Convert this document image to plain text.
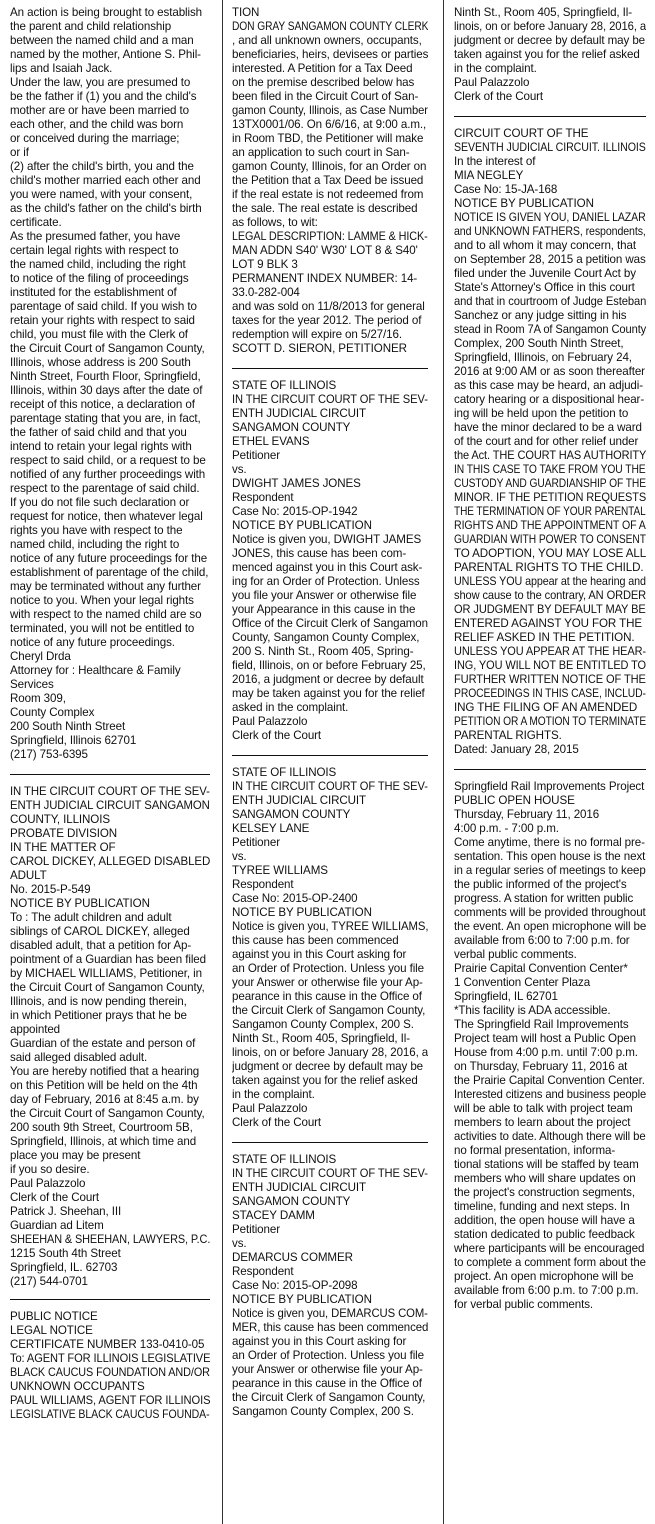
An action is being brought to establish
the parent and child relationship
between the named child and a man
named by the mother, Antione S. Phil-
lips and Isaiah Jack.
Under the law, you are presumed to
be the father if (1) you and the child's
mother are or have been married to
each other, and the child was born
or conceived during the marriage;
or if
(2) after the child's birth, you and the
child's mother married each other and
you were named, with your consent,
as the child's father on the child's birth
certificate.
As the presumed father, you have
certain legal rights with respect to
the named child, including the right
to notice of the filing of proceedings
instituted for the establishment of
parentage of said child. If you wish to
retain your rights with respect to said
child, you must file with the Clerk of
the Circuit Court of Sangamon County,
Illinois, whose address is 200 South
Ninth Street, Fourth Floor, Springfield,
Illinois, within 30 days after the date of
receipt of this notice, a declaration of
parentage stating that you are, in fact,
the father of said child and that you
intend to retain your legal rights with
respect to said child, or a request to be
notified of any further proceedings with
respect to the parentage of said child.
If you do not file such declaration or
request for notice, then whatever legal
rights you have with respect to the
named child, including the right to
notice of any future proceedings for the
establishment of parentage of the child,
may be terminated without any further
notice to you. When your legal rights
with respect to the named child are so
terminated, you will not be entitled to
notice of any future proceedings.
Cheryl Drda
Attorney for : Healthcare & Family
Services
Room 309,
County Complex
200 South Ninth Street
Springfield, Illinois 62701
(217) 753-6395
IN THE CIRCUIT COURT OF THE SEV-
ENTH JUDICIAL CIRCUIT SANGAMON
COUNTY, ILLINOIS
PROBATE DIVISION
IN THE MATTER OF
CAROL DICKEY, ALLEGED DISABLED
ADULT
No. 2015-P-549
NOTICE BY PUBLICATION
To : The adult children and adult
siblings of CAROL DICKEY, alleged
disabled adult, that a petition for Ap-
pointment of a Guardian has been filed
by MICHAEL WILLIAMS, Petitioner, in
the Circuit Court of Sangamon County,
Illinois, and is now pending therein,
in which Petitioner prays that he be
appointed
Guardian of the estate and person of
said alleged disabled adult.
You are hereby notified that a hearing
on this Petition will be held on the 4th
day of February, 2016 at 8:45 a.m. by
the Circuit Court of Sangamon County,
200 south 9th Street, Courtroom 5B,
Springfield, Illinois, at which time and
place you may be present
if you so desire.
Paul Palazzolo
Clerk of the Court
Patrick J. Sheehan, III
Guardian ad Litem
SHEEHAN & SHEEHAN, LAWYERS, P.C.
1215 South 4th Street
Springfield, IL. 62703
(217) 544-0701
PUBLIC NOTICE
LEGAL NOTICE
CERTIFICATE NUMBER 133-0410-05
To: AGENT FOR ILLINOIS LEGISLATIVE
BLACK CAUCUS FOUNDATION AND/OR
UNKNOWN OCCUPANTS
PAUL WILLIAMS, AGENT FOR ILLINOIS
LEGISLATIVE BLACK CAUCUS FOUNDA-
TION
DON GRAY SANGAMON COUNTY CLERK
, and all unknown owners, occupants,
beneficiaries, heirs, devisees or parties
interested. A Petition for a Tax Deed
on the premise described below has
been filed in the Circuit Court of San-
gamon County, Illinois, as Case Number
13TX0001/06. On 6/6/16, at 9:00 a.m.,
in Room TBD, the Petitioner will make
an application to such court in San-
gamon County, Illinois, for an Order on
the Petition that a Tax Deed be issued
if the real estate is not redeemed from
the sale. The real estate is described
as follows, to wit:
LEGAL DESCRIPTION: LAMME & HICK-
MAN ADDN S40' W30' LOT 8 & S40'
LOT 9 BLK 3
PERMANENT INDEX NUMBER: 14-
33.0-282-004
and was sold on 11/8/2013 for general
taxes for the year 2012. The period of
redemption will expire on 5/27/16.
SCOTT D. SIERON, PETITIONER
STATE OF ILLINOIS
IN THE CIRCUIT COURT OF THE SEV-
ENTH JUDICIAL CIRCUIT
SANGAMON COUNTY
ETHEL EVANS
Petitioner
vs.
DWIGHT JAMES JONES
Respondent
Case No: 2015-OP-1942
NOTICE BY PUBLICATION
Notice is given you, DWIGHT JAMES
JONES, this cause has been com-
menced against you in this Court ask-
ing for an Order of Protection. Unless
you file your Answer or otherwise file
your Appearance in this cause in the
Office of the Circuit Clerk of Sangamon
County, Sangamon County Complex,
200 S. Ninth St., Room 405, Spring-
field, Illinois, on or before February 25,
2016, a judgment or decree by default
may be taken against you for the relief
asked in the complaint.
Paul Palazzolo
Clerk of the Court
STATE OF ILLINOIS
IN THE CIRCUIT COURT OF THE SEV-
ENTH JUDICIAL CIRCUIT
SANGAMON COUNTY
KELSEY LANE
Petitioner
vs.
TYREE WILLIAMS
Respondent
Case No: 2015-OP-2400
NOTICE BY PUBLICATION
Notice is given you, TYREE WILLIAMS,
this cause has been commenced
against you in this Court asking for
an Order of Protection. Unless you file
your Answer or otherwise file your Ap-
pearance in this cause in the Office of
the Circuit Clerk of Sangamon County,
Sangamon County Complex, 200 S.
Ninth St., Room 405, Springfield, Il-
linois, on or before January 28, 2016, a
judgment or decree by default may be
taken against you for the relief asked
in the complaint.
Paul Palazzolo
Clerk of the Court
STATE OF ILLINOIS
IN THE CIRCUIT COURT OF THE SEV-
ENTH JUDICIAL CIRCUIT
SANGAMON COUNTY
STACEY DAMM
Petitioner
vs.
DEMARCUS COMMER
Respondent
Case No: 2015-OP-2098
NOTICE BY PUBLICATION
Notice is given you, DEMARCUS COM-
MER, this cause has been commenced
against you in this Court asking for
an Order of Protection. Unless you file
your Answer or otherwise file your Ap-
pearance in this cause in the Office of
the Circuit Clerk of Sangamon County,
Sangamon County Complex, 200 S.
Ninth St., Room 405, Springfield, Il-
linois, on or before January 28, 2016, a
judgment or decree by default may be
taken against you for the relief asked
in the complaint.
Paul Palazzolo
Clerk of the Court
CIRCUIT COURT OF THE
SEVENTH JUDICIAL CIRCUIT. ILLINOIS
In the interest of
MIA NEGLEY
Case No: 15-JA-168
NOTICE BY PUBLICATION
NOTICE IS GIVEN YOU, DANIEL LAZAR
and UNKNOWN FATHERS, respondents,
and to all whom it may concern, that
on September 28, 2015 a petition was
filed under the Juvenile Court Act by
State's Attorney's Office in this court
and that in courtroom of Judge Esteban
Sanchez or any judge sitting in his
stead in Room 7A of Sangamon County
Complex, 200 South Ninth Street,
Springfield, Illinois, on February 24,
2016 at 9:00 AM or as soon thereafter
as this case may be heard, an adjudi-
catory hearing or a dispositional hear-
ing will be held upon the petition to
have the minor declared to be a ward
of the court and for other relief under
the Act. THE COURT HAS AUTHORITY
IN THIS CASE TO TAKE FROM YOU THE
CUSTODY AND GUARDIANSHIP OF THE
MINOR. IF THE PETITION REQUESTS
THE TERMINATION OF YOUR PARENTAL
RIGHTS AND THE APPOINTMENT OF A
GUARDIAN WITH POWER TO CONSENT
TO ADOPTION, YOU MAY LOSE ALL
PARENTAL RIGHTS TO THE CHILD.
UNLESS YOU appear at the hearing and
show cause to the contrary, AN ORDER
OR JUDGMENT BY DEFAULT MAY BE
ENTERED AGAINST YOU FOR THE
RELIEF ASKED IN THE PETITION.
UNLESS YOU APPEAR AT THE HEAR-
ING, YOU WILL NOT BE ENTITLED TO
FURTHER WRITTEN NOTICE OF THE
PROCEEDINGS IN THIS CASE, INCLUD-
ING THE FILING OF AN AMENDED
PETITION OR A MOTION TO TERMINATE
PARENTAL RIGHTS.
Dated: January 28, 2015
Springfield Rail Improvements Project
PUBLIC OPEN HOUSE
Thursday, February 11, 2016
4:00 p.m. - 7:00 p.m.
Come anytime, there is no formal pre-
sentation. This open house is the next
in a regular series of meetings to keep
the public informed of the project's
progress. A station for written public
comments will be provided throughout
the event. An open microphone will be
available from 6:00 to 7:00 p.m. for
verbal public comments.
Prairie Capital Convention Center*
1 Convention Center Plaza
Springfield, IL 62701
*This facility is ADA accessible.
The Springfield Rail Improvements
Project team will host a Public Open
House from 4:00 p.m. until 7:00 p.m.
on Thursday, February 11, 2016 at
the Prairie Capital Convention Center.
Interested citizens and business people
will be able to talk with project team
members to learn about the project
activities to date. Although there will be
no formal presentation, informa-
tional stations will be staffed by team
members who will share updates on
the project's construction segments,
timeline, funding and next steps. In
addition, the open house will have a
station dedicated to public feedback
where participants will be encouraged
to complete a comment form about the
project. An open microphone will be
available from 6:00 p.m. to 7:00 p.m.
for verbal public comments.
